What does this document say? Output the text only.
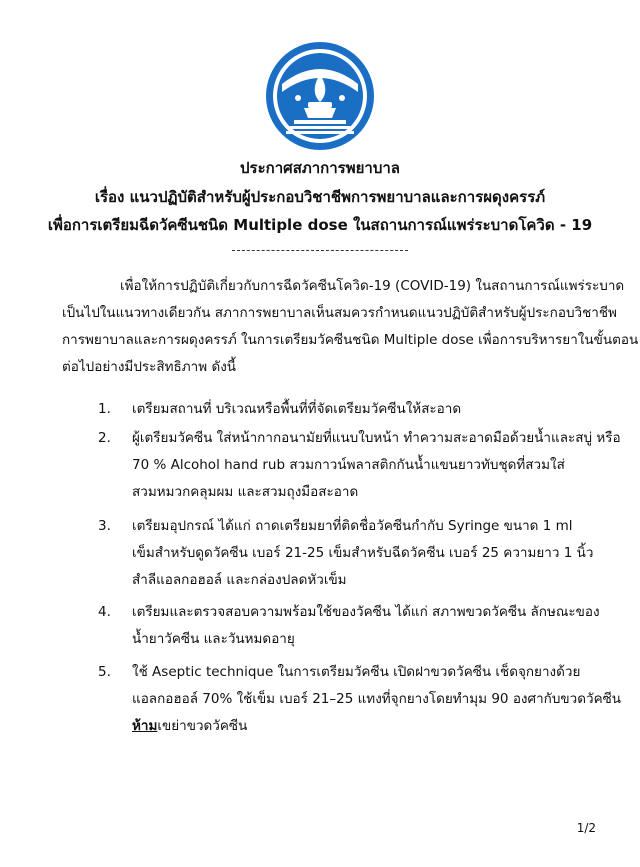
ประกาศสภาการพยาบาล
เรื่อง แนวปฏิบัติสำหรับผู้ประกอบวิชาชีพการพยาบาลและการผดุงครรภ์
เพื่อการเตรียมฉีดวัคซีนชนิด Multiple dose ในสถานการณ์แพร่ระบาดโควิด - 19
เพื่อให้การปฏิบัติเกี่ยวกับการฉีดวัคซีนโควิด-19 (COVID-19) ในสถานการณ์แพร่ระบาด
เป็นไปในแนวทางเดียวกัน สภาการพยาบาลเห็นสมควรกำหนดแนวปฏิบัติสำหรับผู้ประกอบวิชาชีพ
การพยาบาลและการผดุงครรภ์ ในการเตรียมวัคซีนชนิด Multiple dose เพื่อการบริหารยาในขั้นตอน
ต่อไปอย่างมีประสิทธิภาพ ดังนี้
1.	เตรียมสถานที่ บริเวณหรือพื้นที่ที่จัดเตรียมวัคซีนให้สะอาด
2.	ผู้เตรียมวัคซีน ใส่หน้ากากอนามัยที่แนบใบหน้า ทำความสะอาดมือด้วยน้ำและสบู่ หรือ
70 % Alcohol hand rub สวมกาวน์พลาสติกกันน้ำแขนยาวทับชุดที่สวมใส่
สวมหมวกคลุมผม และสวมถุงมือสะอาด
3.	เตรียมอุปกรณ์ ได้แก่ ถาดเตรียมยาที่ติดชื่อวัคซีนกำกับ Syringe ขนาด 1 ml
เข็มสำหรับดูดวัคซีน เบอร์ 21-25 เข็มสำหรับฉีดวัคซีน เบอร์ 25 ความยาว 1 นิ้ว
สำลีแอลกอฮอล์ และกล่องปลดหัวเข็ม
4.	เตรียมและตรวจสอบความพร้อมใช้ของวัคซีน ได้แก่ สภาพขวดวัคซีน ลักษณะของ
น้ำยาวัคซีน และวันหมดอายุ
5.	ใช้ Aseptic technique ในการเตรียมวัคซีน เปิดฝาขวดวัคซีน เช็ดจุกยางด้วย
แอลกอฮอล์ 70% ใช้เข็ม เบอร์ 21–25 แทงที่จุกยางโดยทำมุม 90 องศากับขวดวัคซีน
ห้ามเขย่าขวดวัคซีน
1/2
